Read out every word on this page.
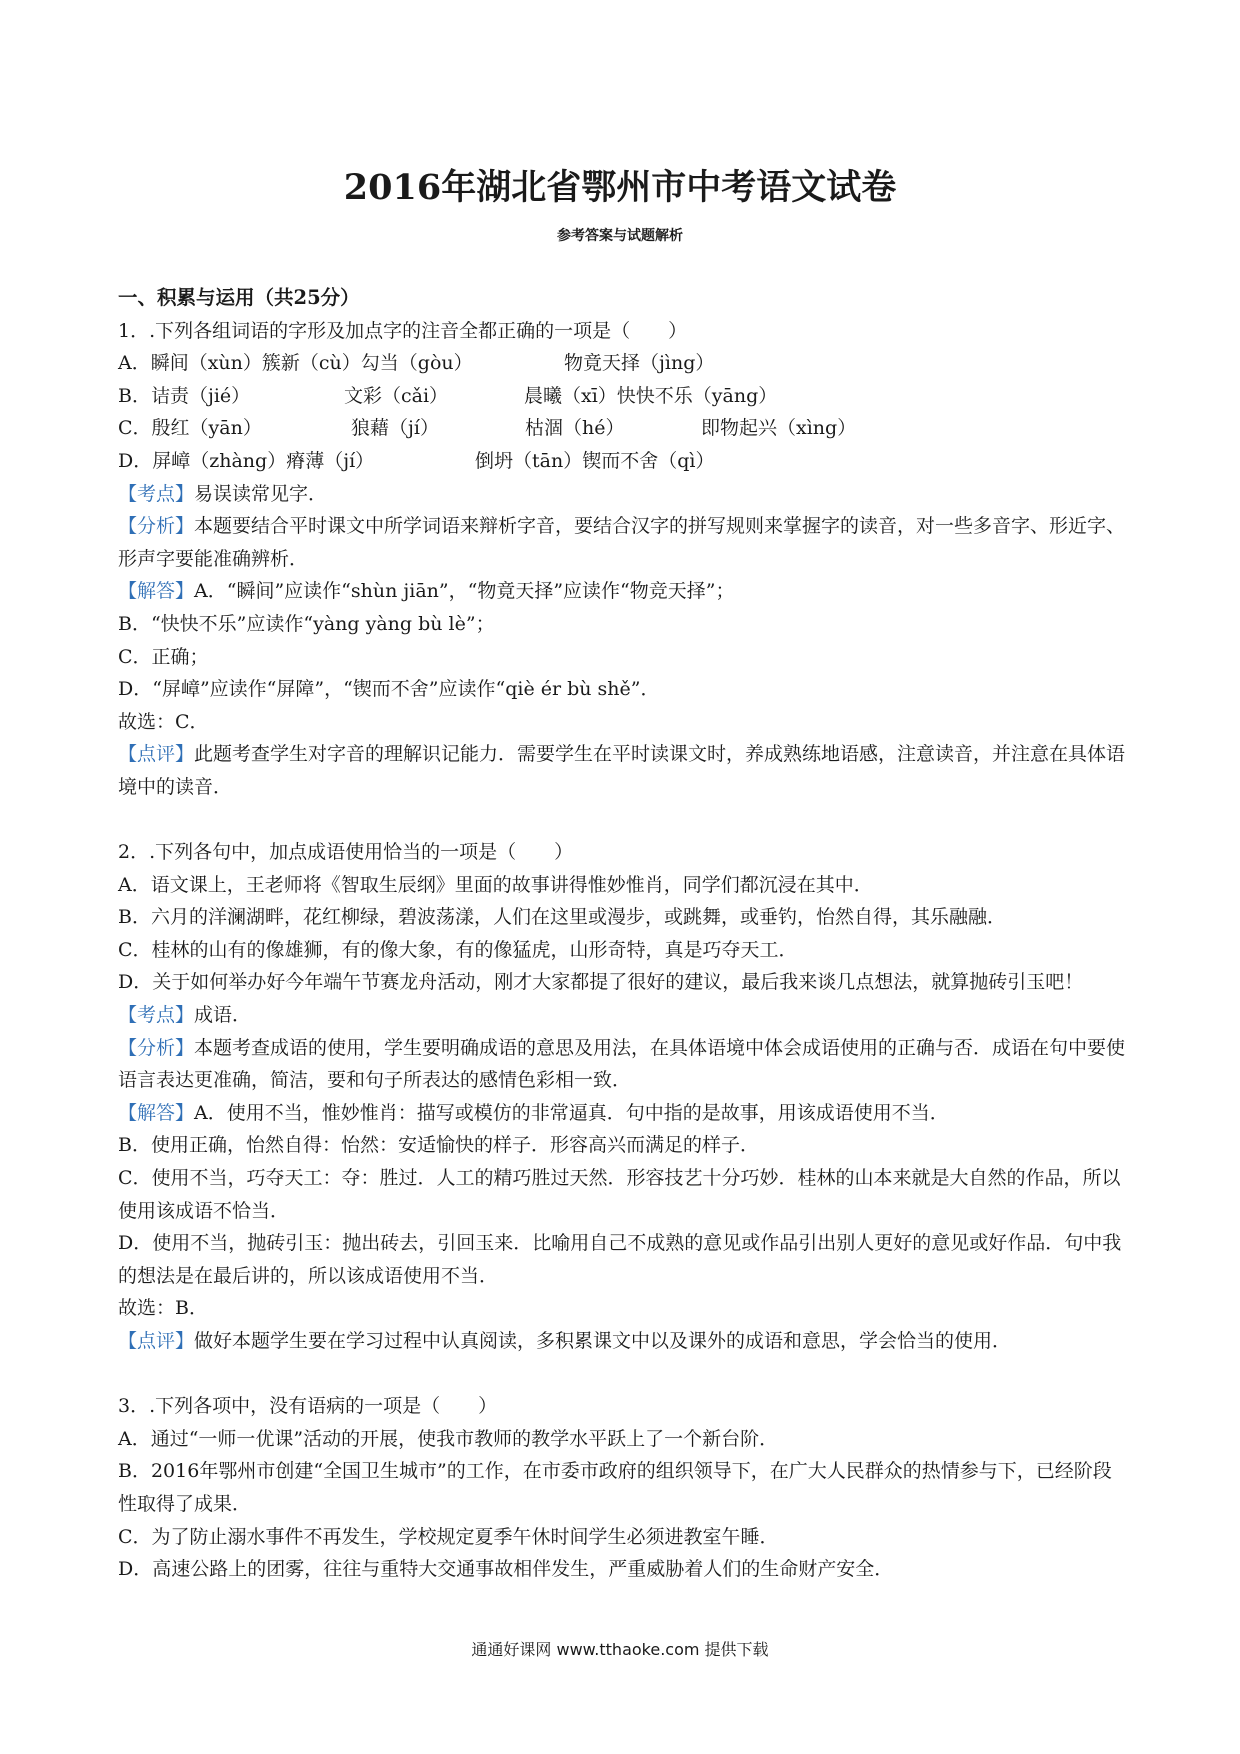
2016年湖北省鄂州市中考语文试卷
参考答案与试题解析
一、积累与运用（共25分）
1．.下列各组词语的字形及加点字的注音全都正确的一项是（　　）
A．瞬间（xùn）簇新（cù）勾当（gòu）	物竟天择（jìng）
B．诘责（jié）	文彩（cǎi）	晨曦（xī）快快不乐（yāng）
C．殷红（yān）	狼藉（jí）	枯涸（hé）	即物起兴（xìng）
D．屏嶂（zhàng）瘠薄（jí）	倒坍（tān）锲而不舍（qì）
【考点】易误读常见字．
【分析】本题要结合平时课文中所学词语来辩析字音，要结合汉字的拼写规则来掌握字的读音，对一些多音字、形近字、形声字要能准确辨析．
【解答】A．“瞬间”应读作“shùn jiān”，“物竟天择”应读作“物竞天择”；
B．“快快不乐”应读作“yàng yàng bù lè”；
C．正确；
D．“屏嶂”应读作“屏障”，“锲而不舍”应读作“qiè ér bù shě”．
故选：C．
【点评】此题考查学生对字音的理解识记能力．需要学生在平时读课文时，养成熟练地语感，注意读音，并注意在具体语境中的读音．
2．.下列各句中，加点成语使用恰当的一项是（　　）
A．语文课上，王老师将《智取生辰纲》里面的故事讲得惟妙惟肖，同学们都沉浸在其中．
B．六月的洋澜湖畔，花红柳绿，碧波荡漾，人们在这里或漫步，或跳舞，或垂钓，怡然自得，其乐融融．
C．桂林的山有的像雄狮，有的像大象，有的像猛虎，山形奇特，真是巧夺天工．
D．关于如何举办好今年端午节赛龙舟活动，刚才大家都提了很好的建议，最后我来谈几点想法，就算抛砖引玉吧！
【考点】成语．
【分析】本题考查成语的使用，学生要明确成语的意思及用法，在具体语境中体会成语使用的正确与否．成语在句中要使语言表达更准确，简洁，要和句子所表达的感情色彩相一致．
【解答】A．使用不当，惟妙惟肖：描写或模仿的非常逼真．句中指的是故事，用该成语使用不当．
B．使用正确，怡然自得：怡然：安适愉快的样子．形容高兴而满足的样子．
C．使用不当，巧夺天工：夺：胜过．人工的精巧胜过天然．形容技艺十分巧妙．桂林的山本来就是大自然的作品，所以使用该成语不恰当．
D．使用不当，抛砖引玉：抛出砖去，引回玉来．比喻用自己不成熟的意见或作品引出别人更好的意见或好作品．句中我的想法是在最后讲的，所以该成语使用不当．
故选：B．
【点评】做好本题学生要在学习过程中认真阅读，多积累课文中以及课外的成语和意思，学会恰当的使用．
3．.下列各项中，没有语病的一项是（　　）
A．通过“一师一优课”活动的开展，使我市教师的教学水平跃上了一个新台阶．
B．2016年鄂州市创建“全国卫生城市”的工作，在市委市政府的组织领导下，在广大人民群众的热情参与下，已经阶段性取得了成果．
C．为了防止溺水事件不再发生，学校规定夏季午休时间学生必须进教室午睡．
D．高速公路上的团雾，往往与重特大交通事故相伴发生，严重威胁着人们的生命财产安全．
通通好课网 www.tthaoke.com 提供下载
